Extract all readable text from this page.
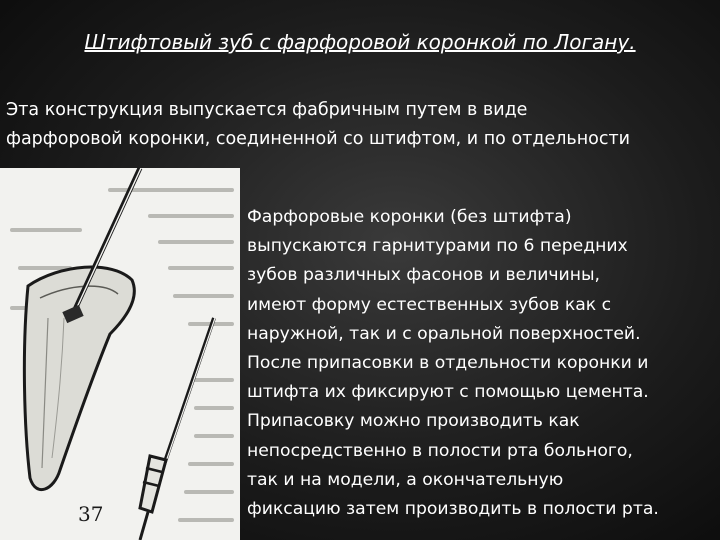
Штифтовый зуб с фарфоровой коронкой по Логану.
Эта конструкция выпускается фабричным путем в виде
фарфоровой коронки, соединенной со штифтом, и по отдельности
37
Фарфоровые коронки (без штифта)
выпускаются гарнитурами по 6 передних
зубов различных фасонов и величины,
имеют форму естественных зубов как с
наружной, так и с оральной поверхностей.
После припасовки в отдельности коронки и
штифта их фиксируют с помощью цемента.
Припасовку можно производить как
непосредственно в полости рта больного,
так и на модели, а окончательную
фиксацию затем производить в полости рта.
